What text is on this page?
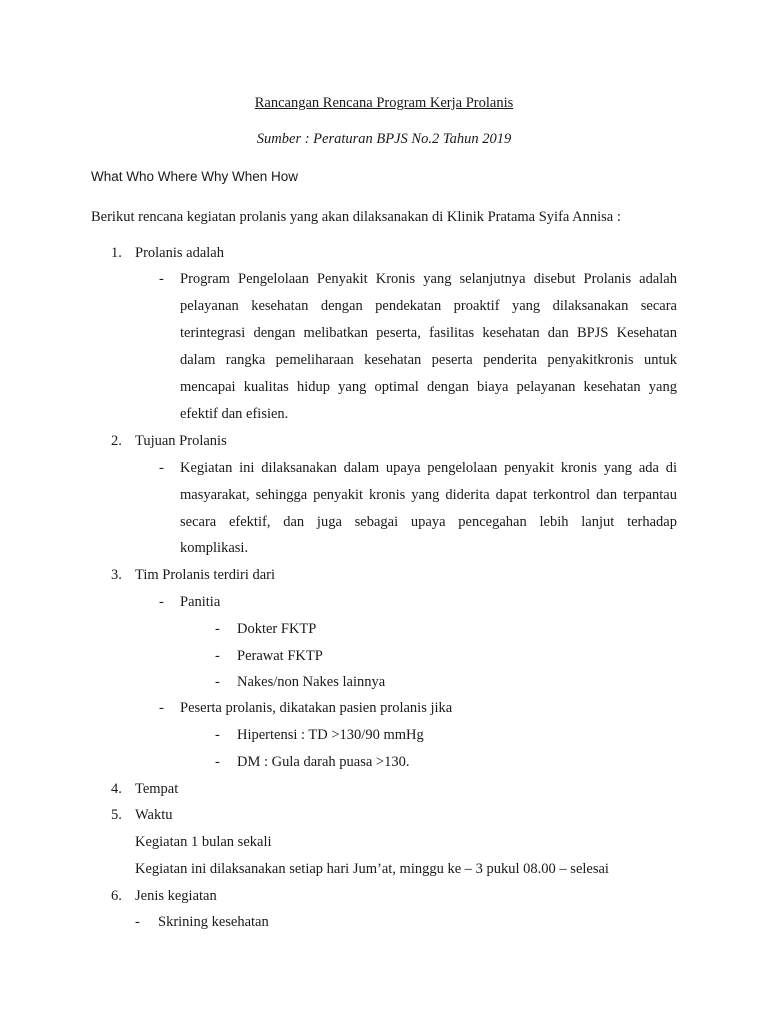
Rancangan Rencana Program Kerja Prolanis
Sumber : Peraturan BPJS No.2 Tahun 2019
What Who Where Why When How
Berikut rencana kegiatan prolanis yang akan dilaksanakan di Klinik Pratama Syifa Annisa :
1. Prolanis adalah
- Program Pengelolaan Penyakit Kronis yang selanjutnya disebut Prolanis adalah
pelayanan kesehatan dengan pendekatan proaktif yang dilaksanakan secara
terintegrasi dengan melibatkan peserta, fasilitas kesehatan dan BPJS Kesehatan
dalam rangka pemeliharaan kesehatan peserta penderita penyakitkronis untuk
mencapai kualitas hidup yang optimal dengan biaya pelayanan kesehatan yang
efektif dan efisien.
2. Tujuan Prolanis
- Kegiatan ini dilaksanakan dalam upaya pengelolaan penyakit kronis yang ada di
masyarakat, sehingga penyakit kronis yang diderita dapat terkontrol dan terpantau
secara efektif, dan juga sebagai upaya pencegahan lebih lanjut terhadap
komplikasi.
3. Tim Prolanis terdiri dari
- Panitia
- Dokter FKTP
- Perawat FKTP
- Nakes/non Nakes lainnya
- Peserta prolanis, dikatakan pasien prolanis jika
- Hipertensi : TD >130/90 mmHg
- DM : Gula darah puasa >130.
4. Tempat
5. Waktu
Kegiatan 1 bulan sekali
Kegiatan ini dilaksanakan setiap hari Jum’at, minggu ke – 3 pukul 08.00 – selesai
6. Jenis kegiatan
- Skrining kesehatan
